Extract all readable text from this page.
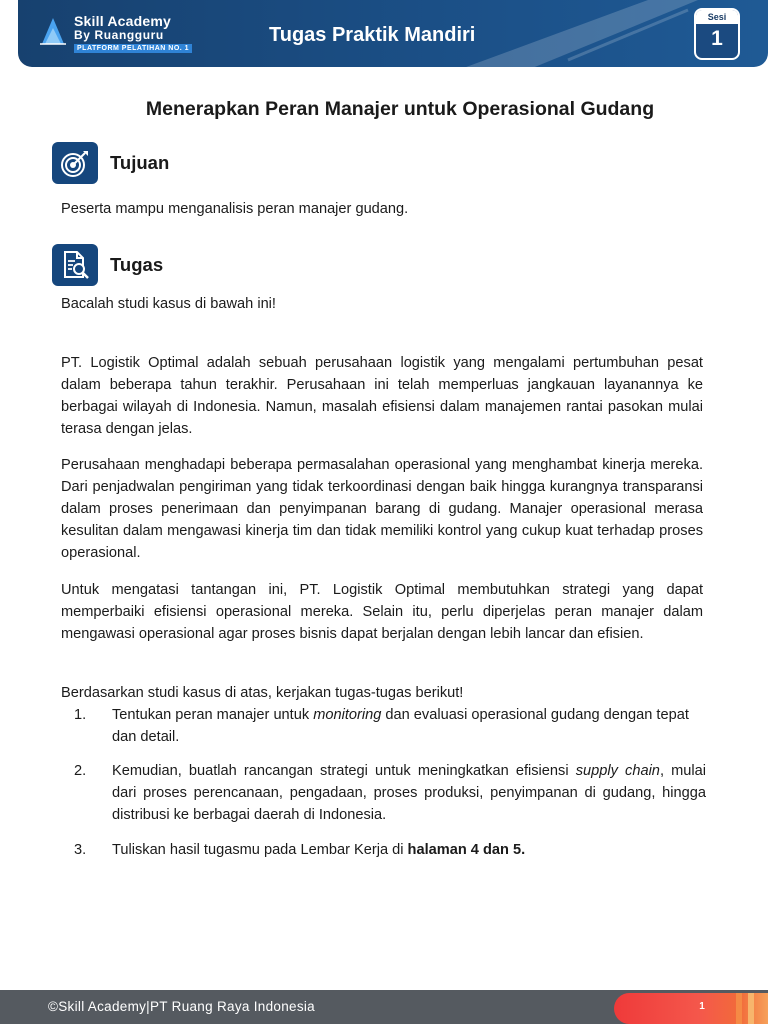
Skill Academy
By Ruangguru
PLATFORM PELATIHAN NO. 1
Tugas Praktik Mandiri
Sesi
1
Menerapkan Peran Manajer untuk Operasional Gudang
Tujuan

Peserta mampu menganalisis peran manajer gudang.

Tugas

Bacalah studi kasus di bawah ini!

PT. Logistik Optimal adalah sebuah perusahaan logistik yang mengalami pertumbuhan pesat dalam beberapa tahun terakhir. Perusahaan ini telah memperluas jangkauan layanannya ke berbagai wilayah di Indonesia. Namun, masalah efisiensi dalam manajemen rantai pasokan mulai terasa dengan jelas.

Perusahaan menghadapi beberapa permasalahan operasional yang menghambat kinerja mereka. Dari penjadwalan pengiriman yang tidak terkoordinasi dengan baik hingga kurangnya transparansi dalam proses penerimaan dan penyimpanan barang di gudang. Manajer operasional merasa kesulitan dalam mengawasi kinerja tim dan tidak memiliki kontrol yang cukup kuat terhadap proses operasional.

Untuk mengatasi tantangan ini, PT. Logistik Optimal membutuhkan strategi yang dapat memperbaiki efisiensi operasional mereka. Selain itu, perlu diperjelas peran manajer dalam mengawasi operasional agar proses bisnis dapat berjalan dengan lebih lancar dan efisien.

Berdasarkan studi kasus di atas, kerjakan tugas-tugas berikut!

1.	Tentukan peran manajer untuk monitoring dan evaluasi operasional gudang dengan tepat dan detail.
2.	Kemudian, buatlah rancangan strategi untuk meningkatkan efisiensi supply chain, mulai dari proses perencanaan, pengadaan, proses produksi, penyimpanan di gudang, hingga distribusi ke berbagai daerah di Indonesia.
3.	Tuliskan hasil tugasmu pada Lembar Kerja di halaman 4 dan 5.
©Skill Academy|PT Ruang Raya Indonesia	1
